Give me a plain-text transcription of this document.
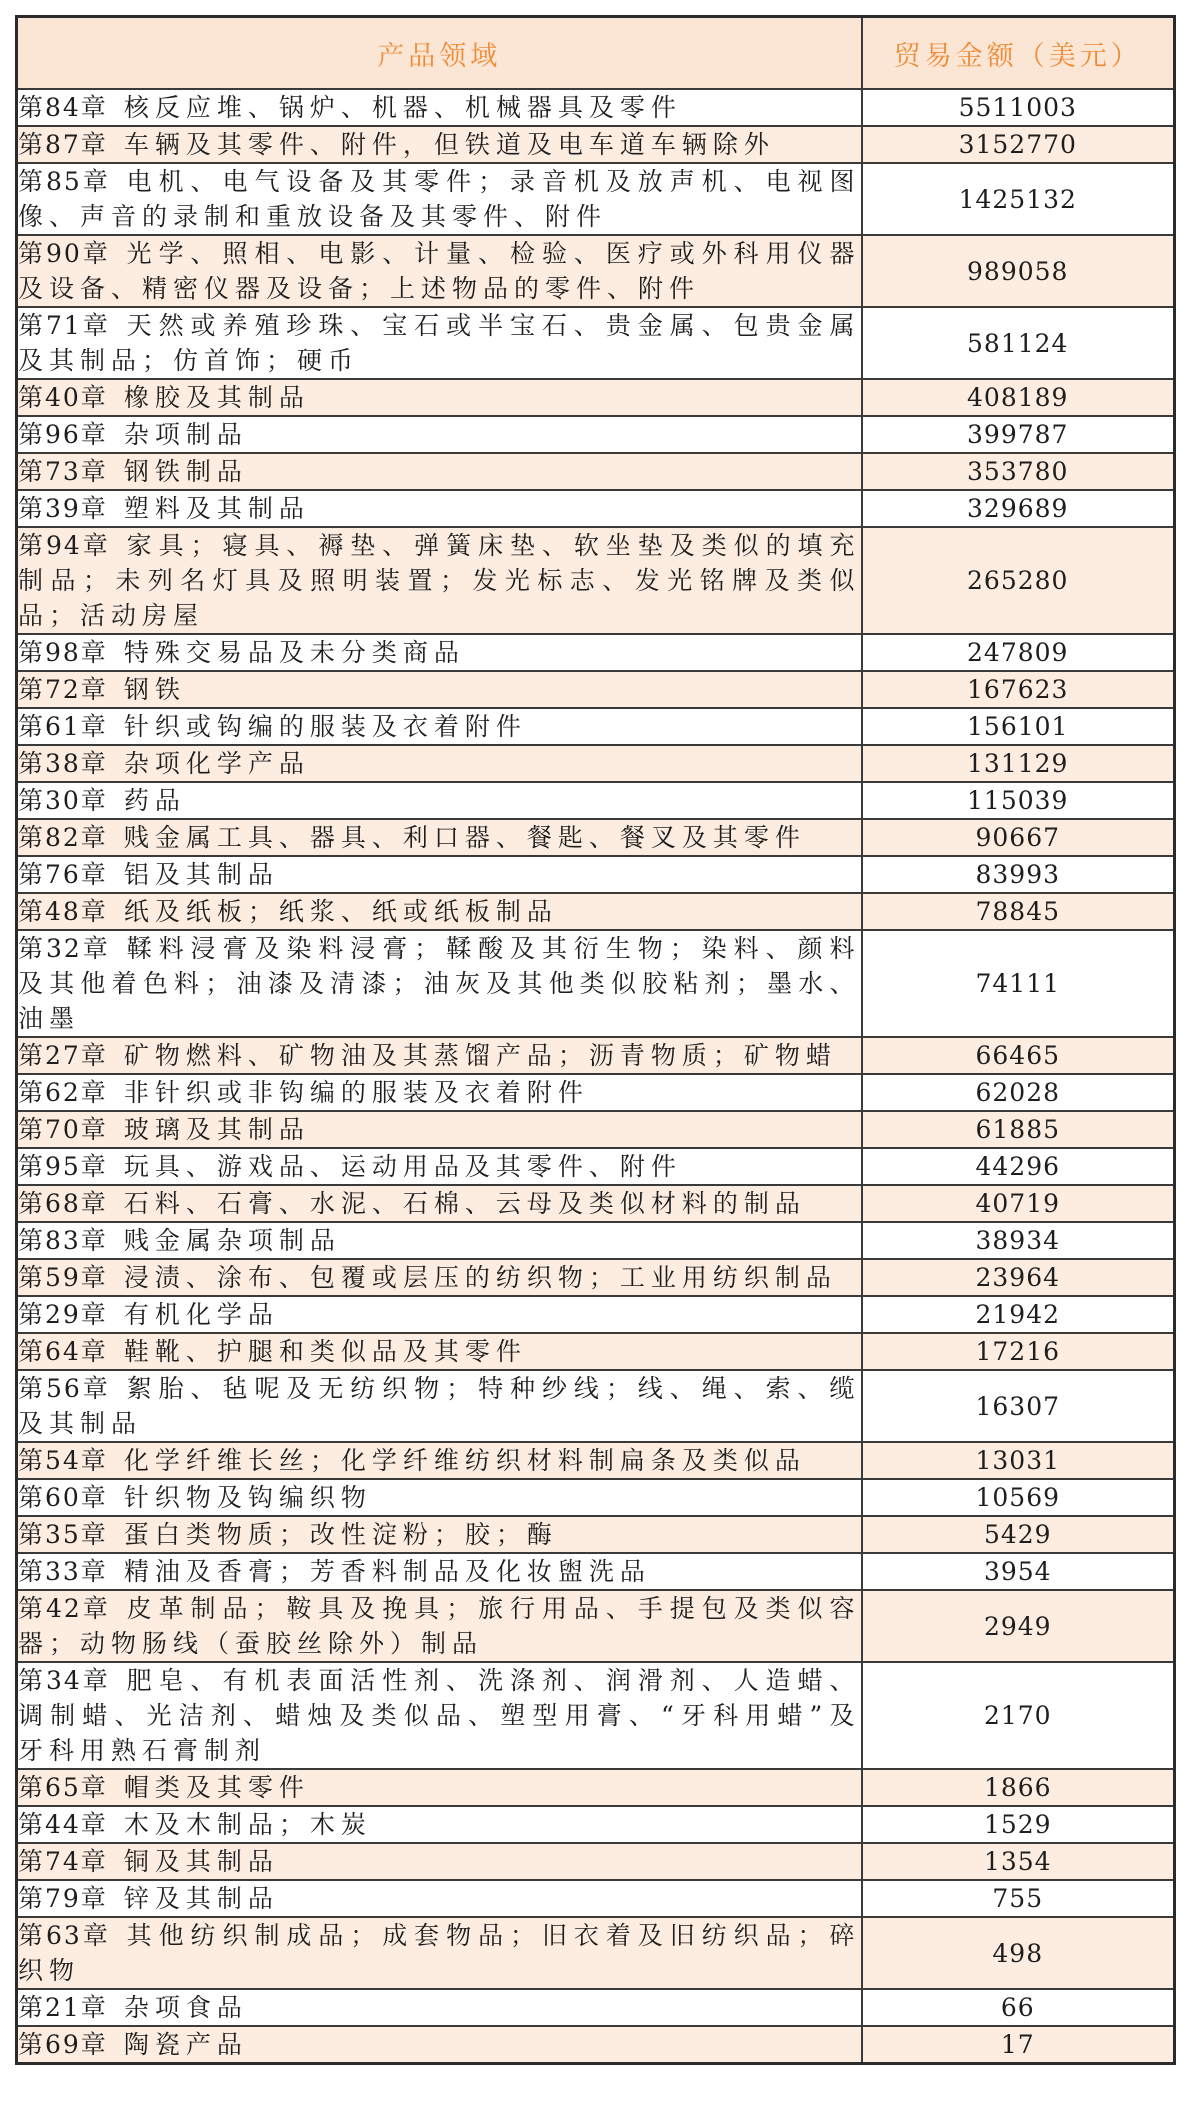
产品领域	贸易金额（美元）
第84章 核反应堆、锅炉、机器、机械器具及零件	5511003
第87章 车辆及其零件、附件，但铁道及电车道车辆除外	3152770
第85章 电机、电气设备及其零件；录音机及放声机、电视图像、声音的录制和重放设备及其零件、附件	1425132
第90章 光学、照相、电影、计量、检验、医疗或外科用仪器及设备、精密仪器及设备；上述物品的零件、附件	989058
第71章 天然或养殖珍珠、宝石或半宝石、贵金属、包贵金属及其制品；仿首饰；硬币	581124
第40章 橡胶及其制品	408189
第96章 杂项制品	399787
第73章 钢铁制品	353780
第39章 塑料及其制品	329689
第94章 家具；寝具、褥垫、弹簧床垫、软坐垫及类似的填充制品；未列名灯具及照明装置；发光标志、发光铭牌及类似品；活动房屋	265280
第98章 特殊交易品及未分类商品	247809
第72章 钢铁	167623
第61章 针织或钩编的服装及衣着附件	156101
第38章 杂项化学产品	131129
第30章 药品	115039
第82章 贱金属工具、器具、利口器、餐匙、餐叉及其零件	90667
第76章 铝及其制品	83993
第48章 纸及纸板；纸浆、纸或纸板制品	78845
第32章 鞣料浸膏及染料浸膏；鞣酸及其衍生物；染料、颜料及其他着色料；油漆及清漆；油灰及其他类似胶粘剂；墨水、油墨	74111
第27章 矿物燃料、矿物油及其蒸馏产品；沥青物质；矿物蜡	66465
第62章 非针织或非钩编的服装及衣着附件	62028
第70章 玻璃及其制品	61885
第95章 玩具、游戏品、运动用品及其零件、附件	44296
第68章 石料、石膏、水泥、石棉、云母及类似材料的制品	40719
第83章 贱金属杂项制品	38934
第59章 浸渍、涂布、包覆或层压的纺织物；工业用纺织制品	23964
第29章 有机化学品	21942
第64章 鞋靴、护腿和类似品及其零件	17216
第56章 絮胎、毡呢及无纺织物；特种纱线；线、绳、索、缆及其制品	16307
第54章 化学纤维长丝；化学纤维纺织材料制扁条及类似品	13031
第60章 针织物及钩编织物	10569
第35章 蛋白类物质；改性淀粉；胶；酶	5429
第33章 精油及香膏；芳香料制品及化妆盥洗品	3954
第42章 皮革制品；鞍具及挽具；旅行用品、手提包及类似容器；动物肠线（蚕胶丝除外）制品	2949
第34章 肥皂、有机表面活性剂、洗涤剂、润滑剂、人造蜡、调制蜡、光洁剂、蜡烛及类似品、塑型用膏、“牙科用蜡”及牙科用熟石膏制剂	2170
第65章 帽类及其零件	1866
第44章 木及木制品；木炭	1529
第74章 铜及其制品	1354
第79章 锌及其制品	755
第63章 其他纺织制成品；成套物品；旧衣着及旧纺织品；碎织物	498
第21章 杂项食品	66
第69章 陶瓷产品	17
